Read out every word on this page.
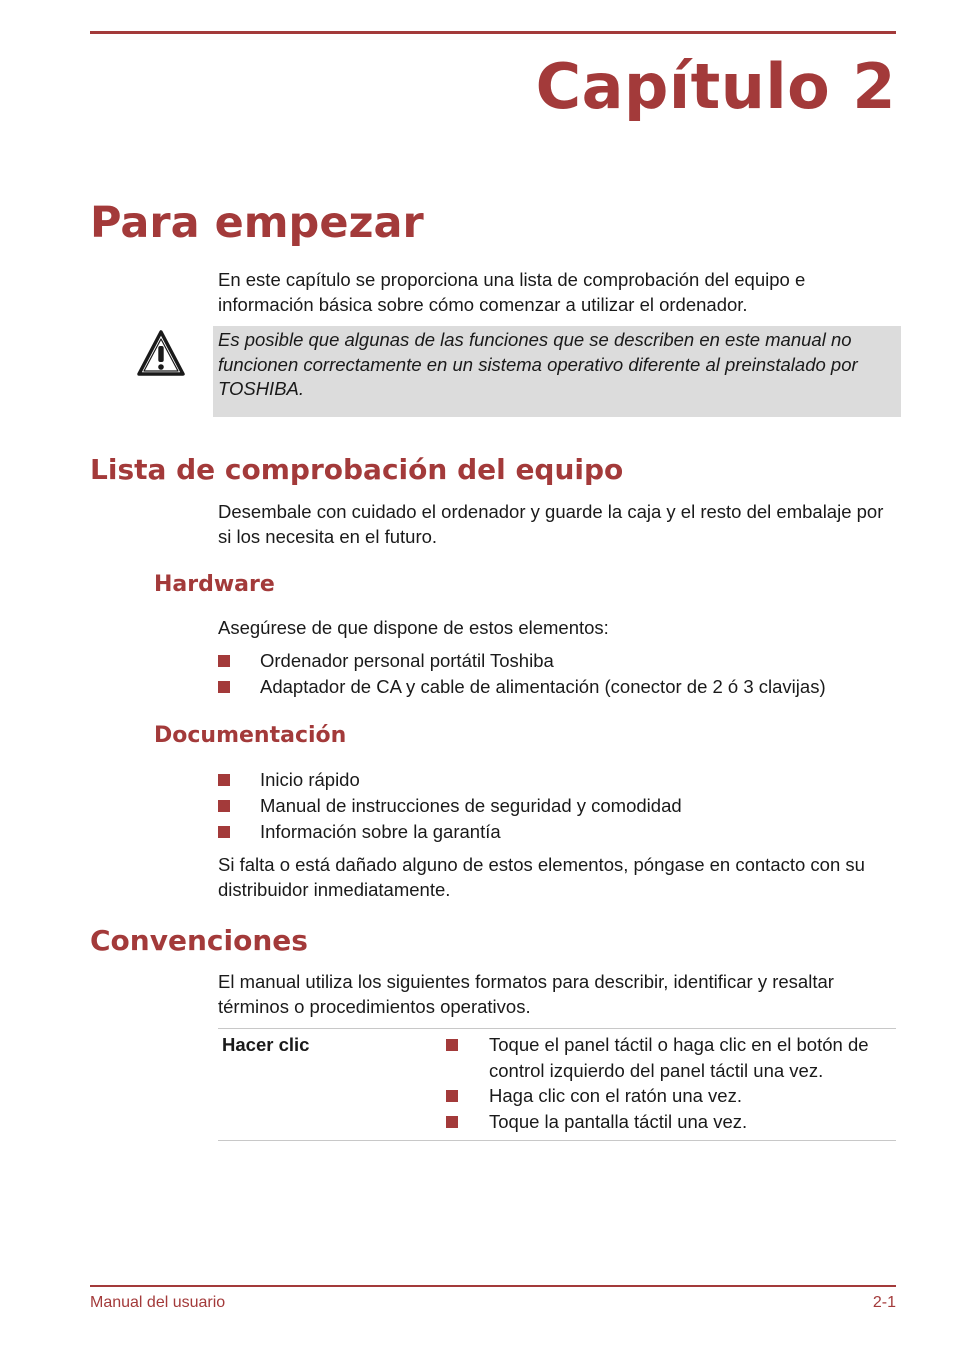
Capítulo 2
Para empezar

En este capítulo se proporciona una lista de comprobación del equipo e información básica sobre cómo comenzar a utilizar el ordenador.

Es posible que algunas de las funciones que se describen en este manual no funcionen correctamente en un sistema operativo diferente al preinstalado por TOSHIBA.

Lista de comprobación del equipo

Desembale con cuidado el ordenador y guarde la caja y el resto del embalaje por si los necesita en el futuro.

Hardware

Asegúrese de que dispone de estos elementos:

Ordenador personal portátil Toshiba
Adaptador de CA y cable de alimentación (conector de 2 ó 3 clavijas)
Documentación
Inicio rápido
Manual de instrucciones de seguridad y comodidad
Información sobre la garantía

Si falta o está dañado alguno de estos elementos, póngase en contacto con su distribuidor inmediatamente.

Convenciones

El manual utiliza los siguientes formatos para describir, identificar y resaltar términos o procedimientos operativos.

Hacer clic	Toque el panel táctil o haga clic en el botón de control izquierdo del panel táctil una vez.
Haga clic con el ratón una vez.
Toque la pantalla táctil una vez.
Manual del usuario	2-1
